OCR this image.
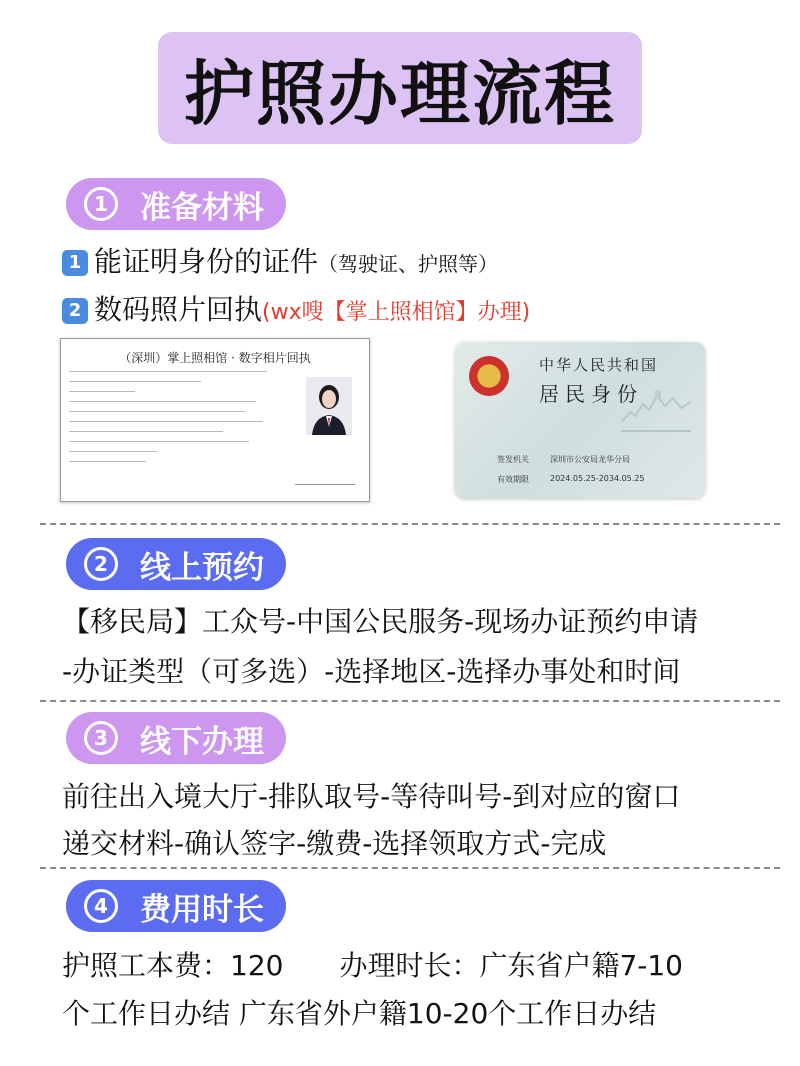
护照办理流程
1	准备材料
1 能证明身份的证件（驾驶证、护照等）
2 数码照片回执(wx嗖【掌上照相馆】办理)
（深圳）掌上照相馆 · 数字相片回执	中华人民共和国
居民身份
签发机关	深圳市公安局龙华分局
有效期限	2024.05.25-2034.05.25
2	线上预约
【移民局】工众号-中国公民服务-现场办证预约申请
-办证类型（可多选）-选择地区-选择办事处和时间
3	线下办理
前往出入境大厅-排队取号-等待叫号-到对应的窗口
递交材料-确认签字-缴费-选择领取方式-完成
4	费用时长
护照工本费：120　　办理时长：广东省户籍7-10
个工作日办结 广东省外户籍10-20个工作日办结
